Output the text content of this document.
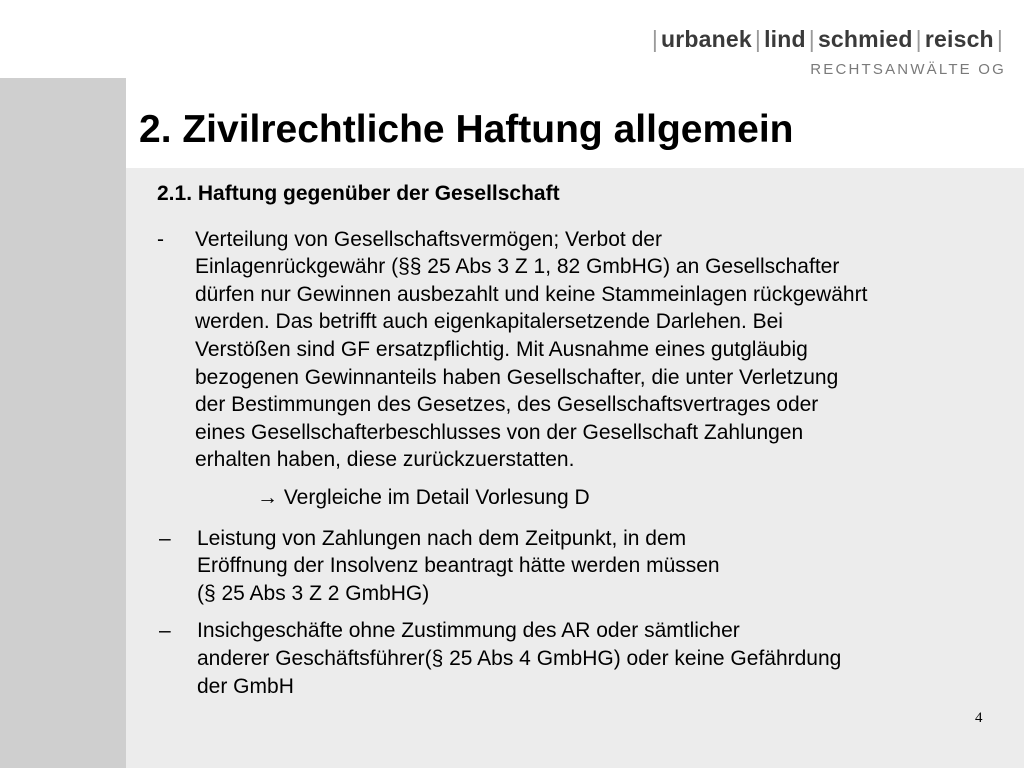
| urbanek | lind | schmied | reisch |
RECHTSANWÄLTE OG
2. Zivilrechtliche Haftung allgemein
2.1. Haftung gegenüber der Gesellschaft
-	Verteilung von Gesellschaftsvermögen; Verbot der
Einlagenrückgewähr (§§ 25 Abs 3 Z 1, 82 GmbHG) an Gesellschafter
dürfen nur Gewinnen ausbezahlt und keine Stammeinlagen rückgewährt
werden. Das betrifft auch eigenkapitalersetzende Darlehen. Bei
Verstößen sind GF ersatzpflichtig. Mit Ausnahme eines gutgläubig
bezogenen Gewinnanteils haben Gesellschafter, die unter Verletzung
der Bestimmungen des Gesetzes, des Gesellschaftsvertrages oder
eines Gesellschafterbeschlusses von der Gesellschaft Zahlungen
erhalten haben, diese zurückzuerstatten.

→ Vergleiche im Detail Vorlesung D

–	Leistung von Zahlungen nach dem Zeitpunkt, in dem
Eröffnung der Insolvenz beantragt hätte werden müssen
(§ 25 Abs 3 Z 2 GmbHG)

–	Insichgeschäfte ohne Zustimmung des AR oder sämtlicher
anderer Geschäftsführer(§ 25 Abs 4 GmbHG) oder keine Gefährdung
der GmbH

4
